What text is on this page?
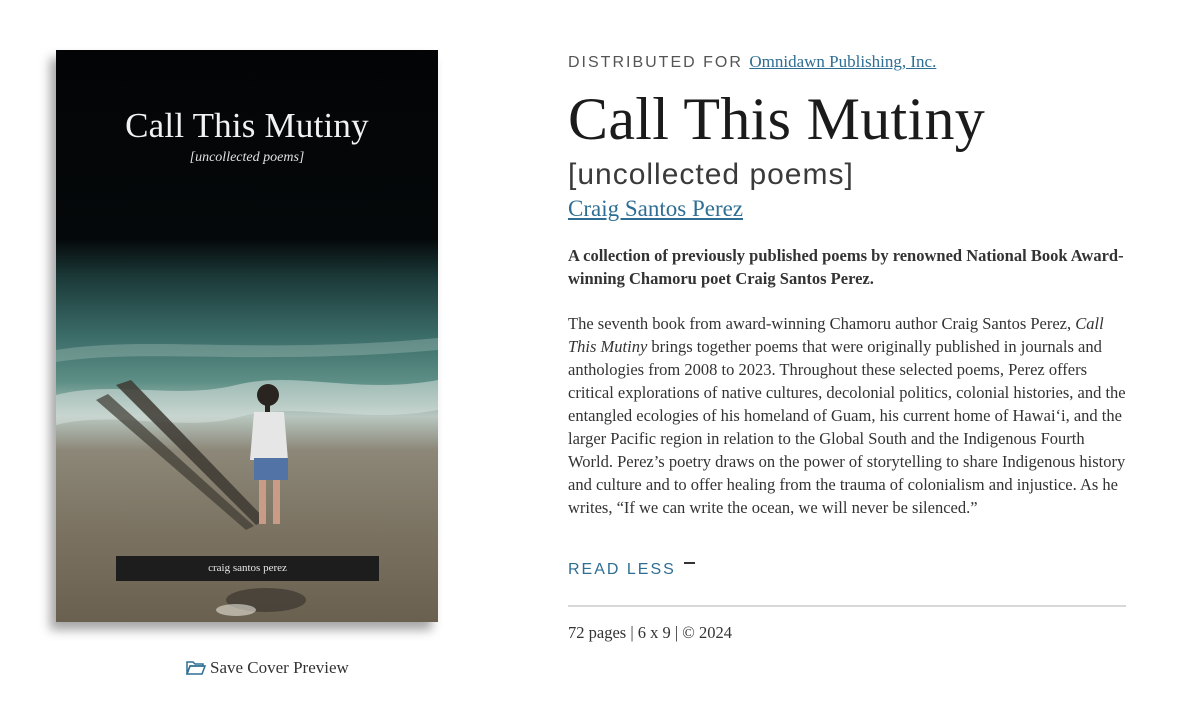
Call This Mutiny
[uncollected poems]
craig santos perez
Save Cover Preview
DISTRIBUTED FOR Omnidawn Publishing, Inc.
Call This Mutiny
[uncollected poems]
Craig Santos Perez
A collection of previously published poems by renowned National Book Award-winning Chamoru poet Craig Santos Perez.
The seventh book from award-winning Chamoru author Craig Santos Perez, Call This Mutiny brings together poems that were originally published in journals and anthologies from 2008 to 2023. Throughout these selected poems, Perez offers critical explorations of native cultures, decolonial politics, colonial histories, and the entangled ecologies of his homeland of Guam, his current home of Hawaiʻi, and the larger Pacific region in relation to the Global South and the Indigenous Fourth World. Perez’s poetry draws on the power of storytelling to share Indigenous history and culture and to offer healing from the trauma of colonialism and injustice. As he writes, “If we can write the ocean, we will never be silenced.”
READ LESS
72 pages | 6 x 9 | © 2024
